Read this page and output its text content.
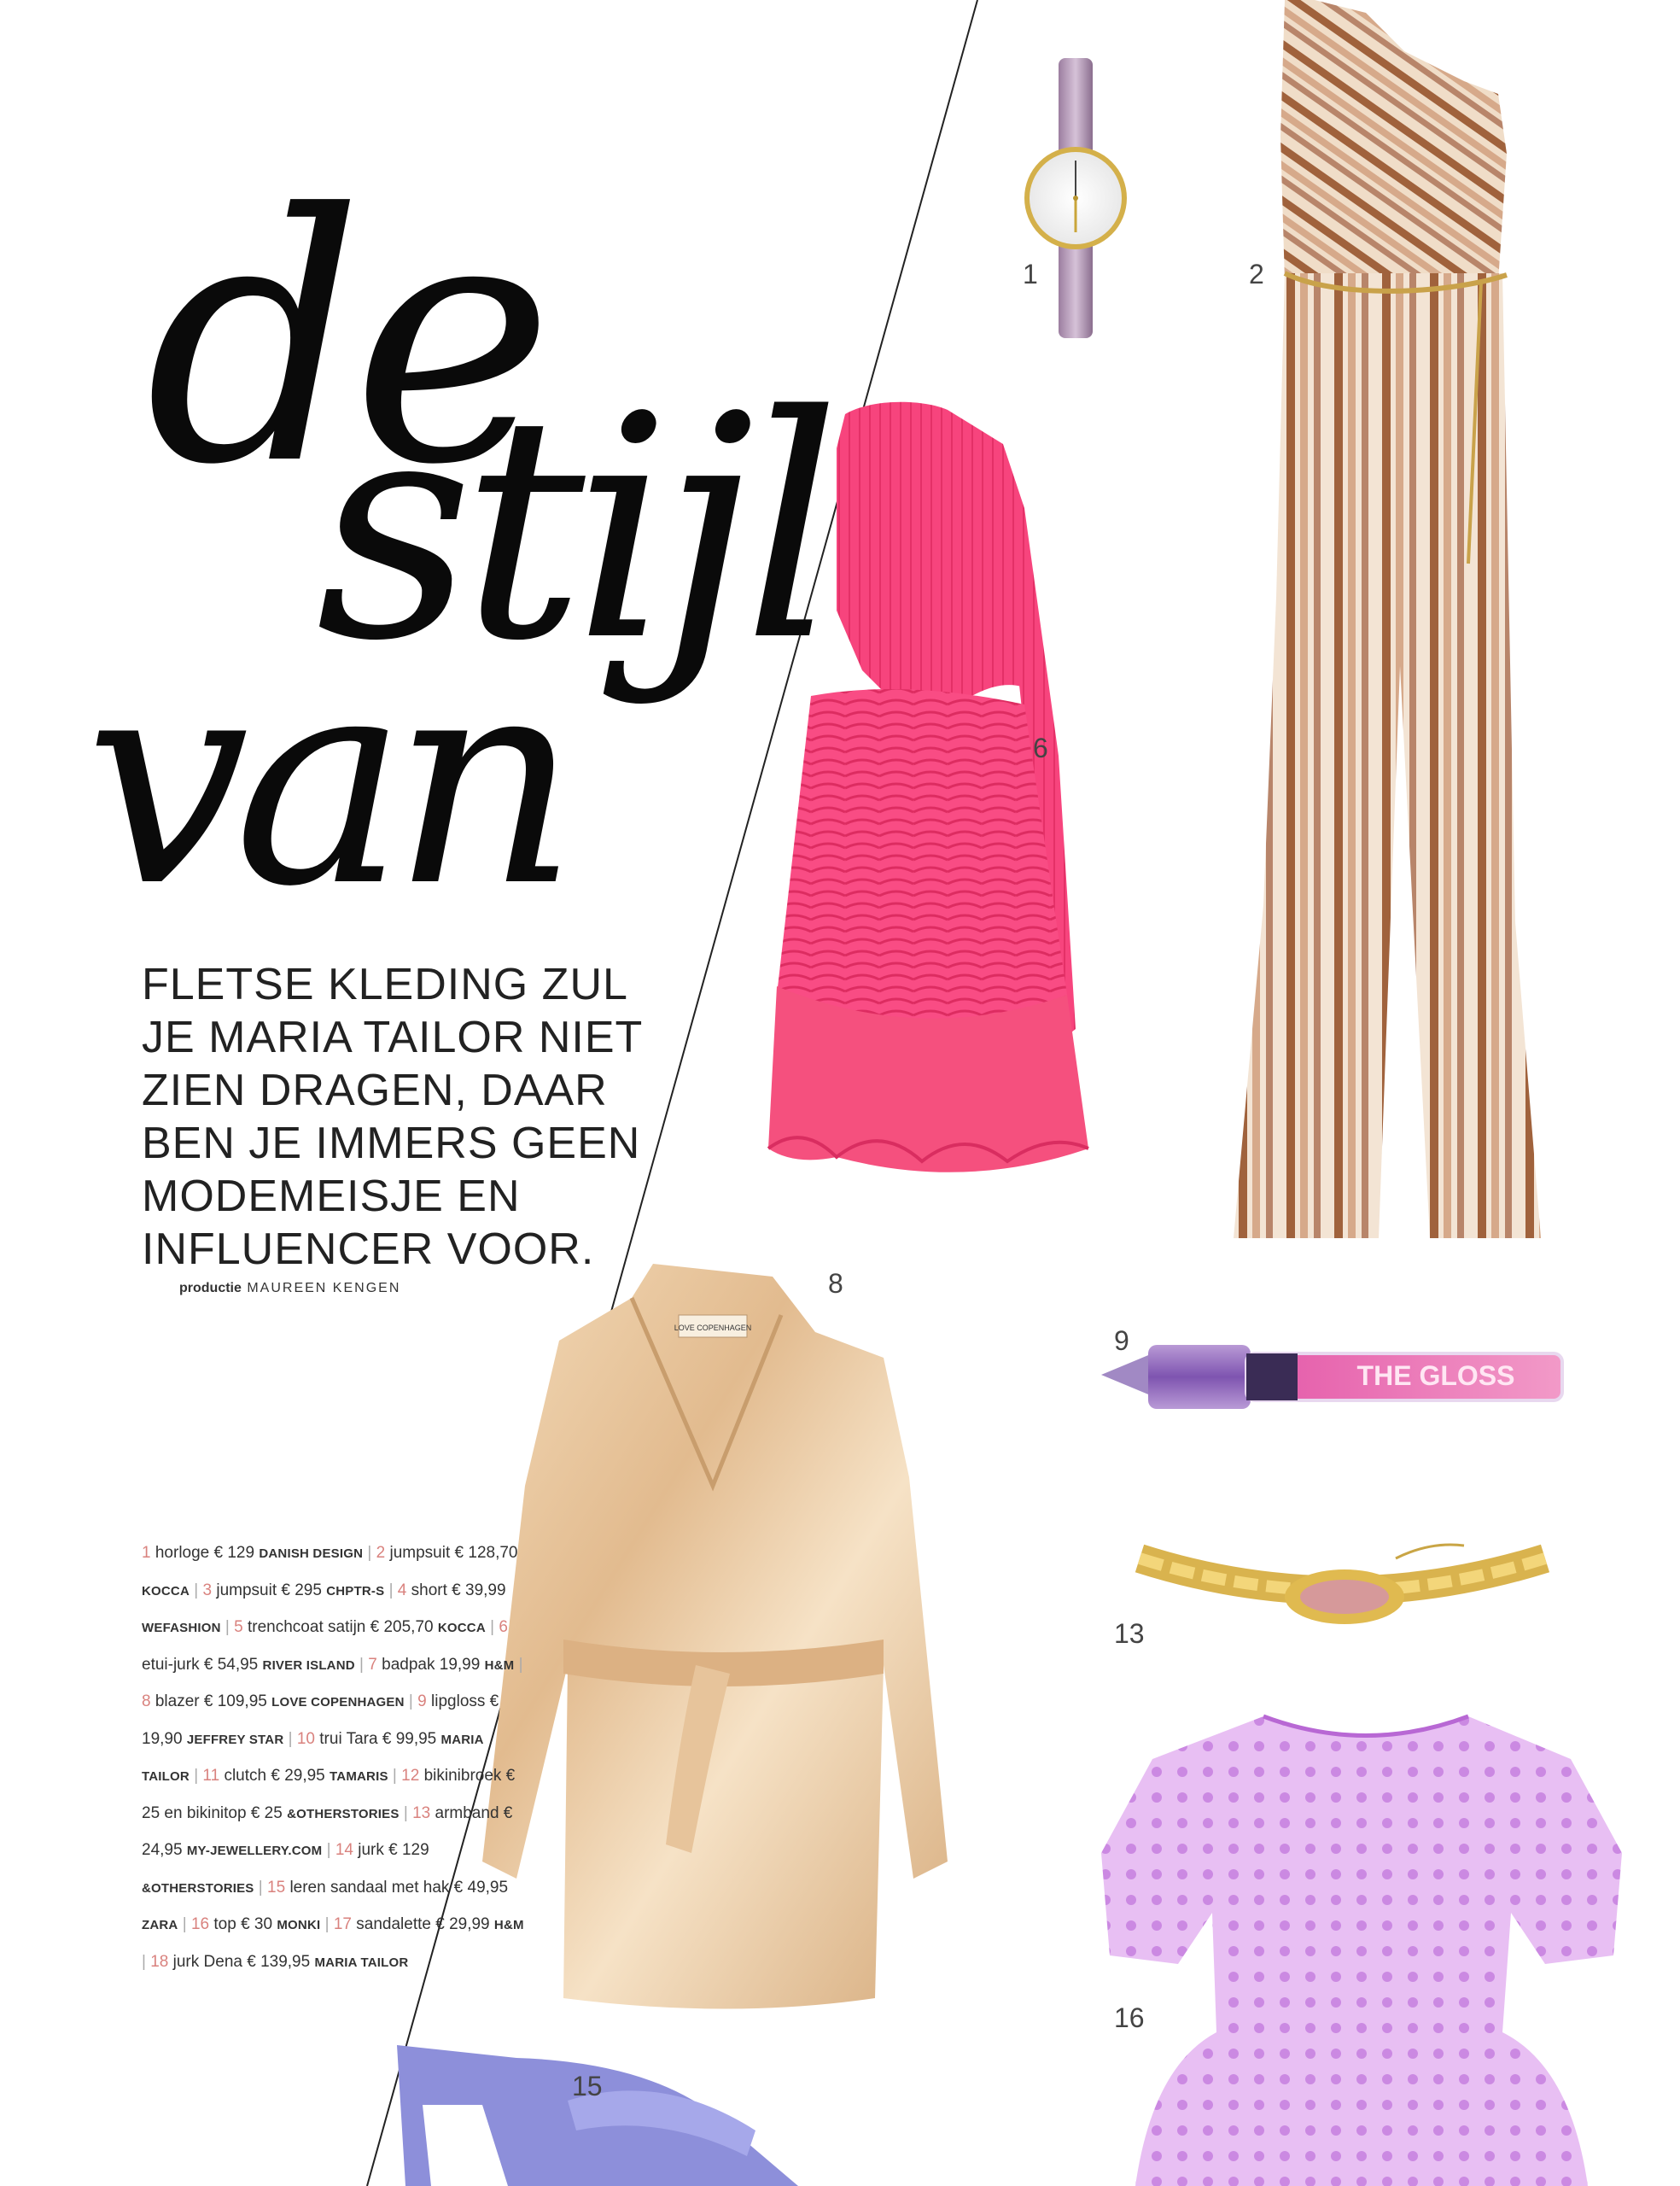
LOVE COPENHAGEN
THE GLOSS
de
stijl
van
FLETSE KLEDING ZUL JE MARIA TAILOR NIET ZIEN DRAGEN, DAAR BEN JE IMMERS GEEN MODEMEISJE EN INFLUENCER VOOR.
productie MAUREEN KENGEN
1	2
6
8
9
13
15
16
1 horloge € 129 DANISH DESIGN | 2 jumpsuit € 128,70 KOCCA | 3 jumpsuit € 295 CHPTR-S | 4 short € 39,99 WEFASHION | 5 trenchcoat satijn € 205,70 KOCCA | 6 etui-jurk € 54,95 RIVER ISLAND | 7 badpak 19,99 H&M | 8 blazer € 109,95 LOVE COPENHAGEN | 9 lipgloss € 19,90 JEFFREY STAR | 10 trui Tara € 99,95 MARIA TAILOR | 11 clutch € 29,95 TAMARIS | 12 bikinibroek € 25 en bikinitop € 25 &OTHERSTORIES | 13 armband € 24,95 MY-JEWELLERY.COM | 14 jurk € 129 &OTHERSTORIES | 15 leren sandaal met hak € 49,95 ZARA | 16 top € 30 MONKI | 17 sandalette € 29,99 H&M | 18 jurk Dena € 139,95 MARIA TAILOR
